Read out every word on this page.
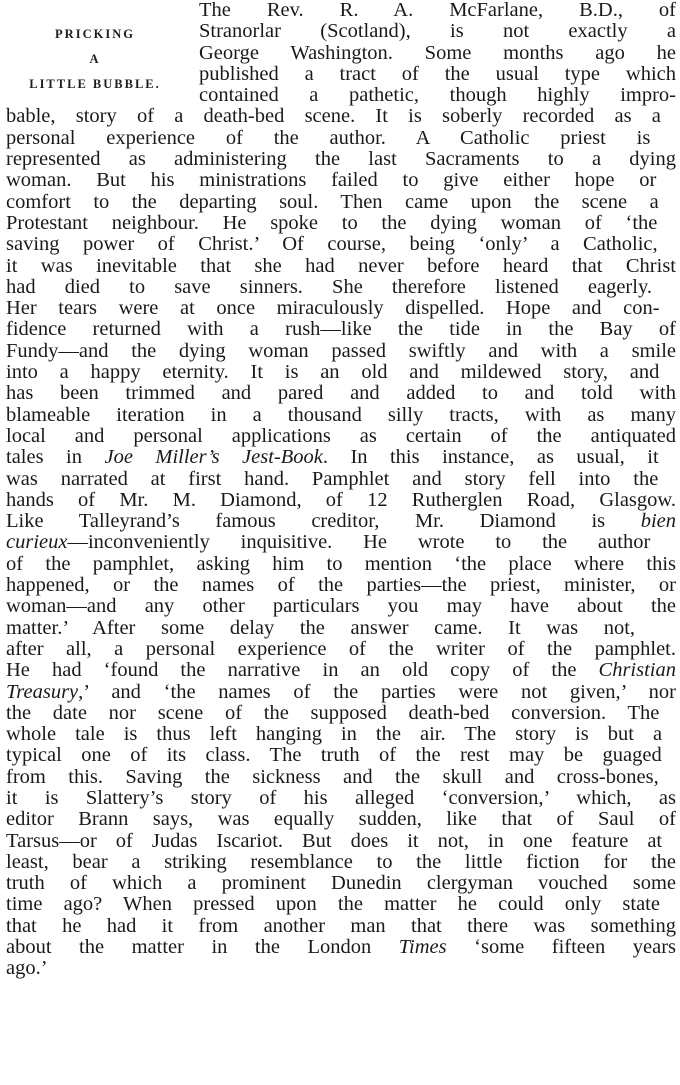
PRICKING
A
LITTLE BUBBLE.
The Rev. R. A. McFarlane, B.D., of
Stranorlar (Scotland), is not exactly a
George Washington. Some months ago he
published a tract of the usual type which
contained a pathetic, though highly impro-
bable, story of a death-bed scene. It is soberly recorded as a
personal experience of the author. A Catholic priest is
represented as administering the last Sacraments to a dying
woman. But his ministrations failed to give either hope or
comfort to the departing soul. Then came upon the scene a
Protestant neighbour. He spoke to the dying woman of ‘the
saving power of Christ.’ Of course, being ‘only’ a Catholic,
it was inevitable that she had never before heard that Christ
had died to save sinners. She therefore listened eagerly.
Her tears were at once miraculously dispelled. Hope and con-
fidence returned with a rush—like the tide in the Bay of
Fundy—and the dying woman passed swiftly and with a smile
into a happy eternity. It is an old and mildewed story, and
has been trimmed and pared and added to and told with
blameable iteration in a thousand silly tracts, with as many
local and personal applications as certain of the antiquated
tales in Joe Miller’s Jest-Book. In this instance, as usual, it
was narrated at first hand. Pamphlet and story fell into the
hands of Mr. M. Diamond, of 12 Rutherglen Road, Glasgow.
Like Talleyrand’s famous creditor, Mr. Diamond is bien
curieux—inconveniently inquisitive. He wrote to the author
of the pamphlet, asking him to mention ‘the place where this
happened, or the names of the parties—the priest, minister, or
woman—and any other particulars you may have about the
matter.’ After some delay the answer came. It was not,
after all, a personal experience of the writer of the pamphlet.
He had ‘found the narrative in an old copy of the Christian
Treasury,’ and ‘the names of the parties were not given,’ nor
the date nor scene of the supposed death-bed conversion. The
whole tale is thus left hanging in the air. The story is but a
typical one of its class. The truth of the rest may be guaged
from this. Saving the sickness and the skull and cross-bones,
it is Slattery’s story of his alleged ‘conversion,’ which, as
editor Brann says, was equally sudden, like that of Saul of
Tarsus—or of Judas Iscariot. But does it not, in one feature at
least, bear a striking resemblance to the little fiction for the
truth of which a prominent Dunedin clergyman vouched some
time ago? When pressed upon the matter he could only state
that he had it from another man that there was something
about the matter in the London Times ‘some fifteen years
ago.’
